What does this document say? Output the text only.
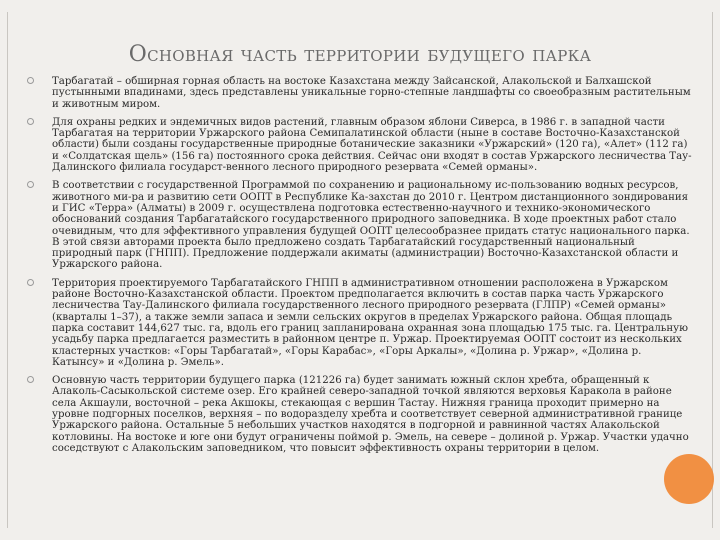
Основная часть территории будущего парка
Тарбагатай – обширная горная область на востоке Казахстана между Зайсанской, Алакольской и Балхашской пустынными впадинами, здесь представлены уникальные горно-степные ландшафты со своеобразным растительным и животным миром.
Для охраны редких и эндемичных видов растений, главным образом яблони Сиверса, в 1986 г. в западной части Тарбагатая на территории Уржарского района Семипалатинской области (ныне в составе Восточно-Казахстанской области) были созданы государственные природные ботанические заказники «Уржарский» (120 га), «Алет» (112 га) и «Солдатская щель» (156 га) постоянного срока действия. Сейчас они входят в состав Уржарского лесничества Тау-Далинского филиала государст-венного лесного природного резервата «Семей орманы».
В соответствии с государственной Программой по сохранению и рациональному ис-пользованию водных ресурсов, животного ми-ра и развитию сети ООПТ в Республике Ка-захстан до 2010 г. Центром дистанционного зондирования и ГИС «Терра» (Алматы) в 2009 г. осуществлена подготовка естественно-научного и технико-экономического обоснований создания Тарбагатайского государственного природного заповедника. В ходе проектных работ стало очевидным, что для эффективного управления будущей ООПТ целесообразнее придать статус национального парка. В этой связи авторами проекта было предложено создать Тарбагатайский государственный национальный природный парк (ГНПП). Предложение поддержали акиматы (администрации) Восточно-Казахстанской области и Уржарского района.
Территория проектируемого Тарбагатайского ГНПП в административном отношении расположена в Уржарском районе Восточно-Казахстанской области. Проектом предполагается включить в состав парка часть Уржарского лесничества Тау-Далинского филиала государственного лесного природного резервата (ГЛПР) «Семей орманы» (кварталы 1–37), а также земли запаса и земли сельских округов в пределах Уржарского района. Общая площадь парка составит 144,627 тыс. га, вдоль его границ запланирована охранная зона площадью 175 тыс. га. Центральную усадьбу парка предлагается разместить в районном центре п. Уржар. Проектируемая ООПТ состоит из нескольких кластерных участков: «Горы Тарбагатай», «Горы Карабас», «Горы Аркалы», «Долина р. Уржар», «Долина р. Катынсу» и «Долина р. Эмель».
Основную часть территории будущего парка (121226 га) будет занимать южный склон хребта, обращенный к Алаколь-Сасыкольской системе озер. Его крайней северо-западной точкой являются верховья Каракола в районе села Акшаули, восточной – река Акшокы, стекающая с вершин Тастау. Нижняя граница проходит примерно на уровне подгорных поселков, верхняя – по водоразделу хребта и соответствует северной административной границе Уржарского района. Остальные 5 небольших участков находятся в подгорной и равнинной частях Алакольской котловины. На востоке и юге они будут ограничены поймой р. Эмель, на севере – долиной р. Уржар. Участки удачно соседствуют с Алакольским заповедником, что повысит эффективность охраны территории в целом.
